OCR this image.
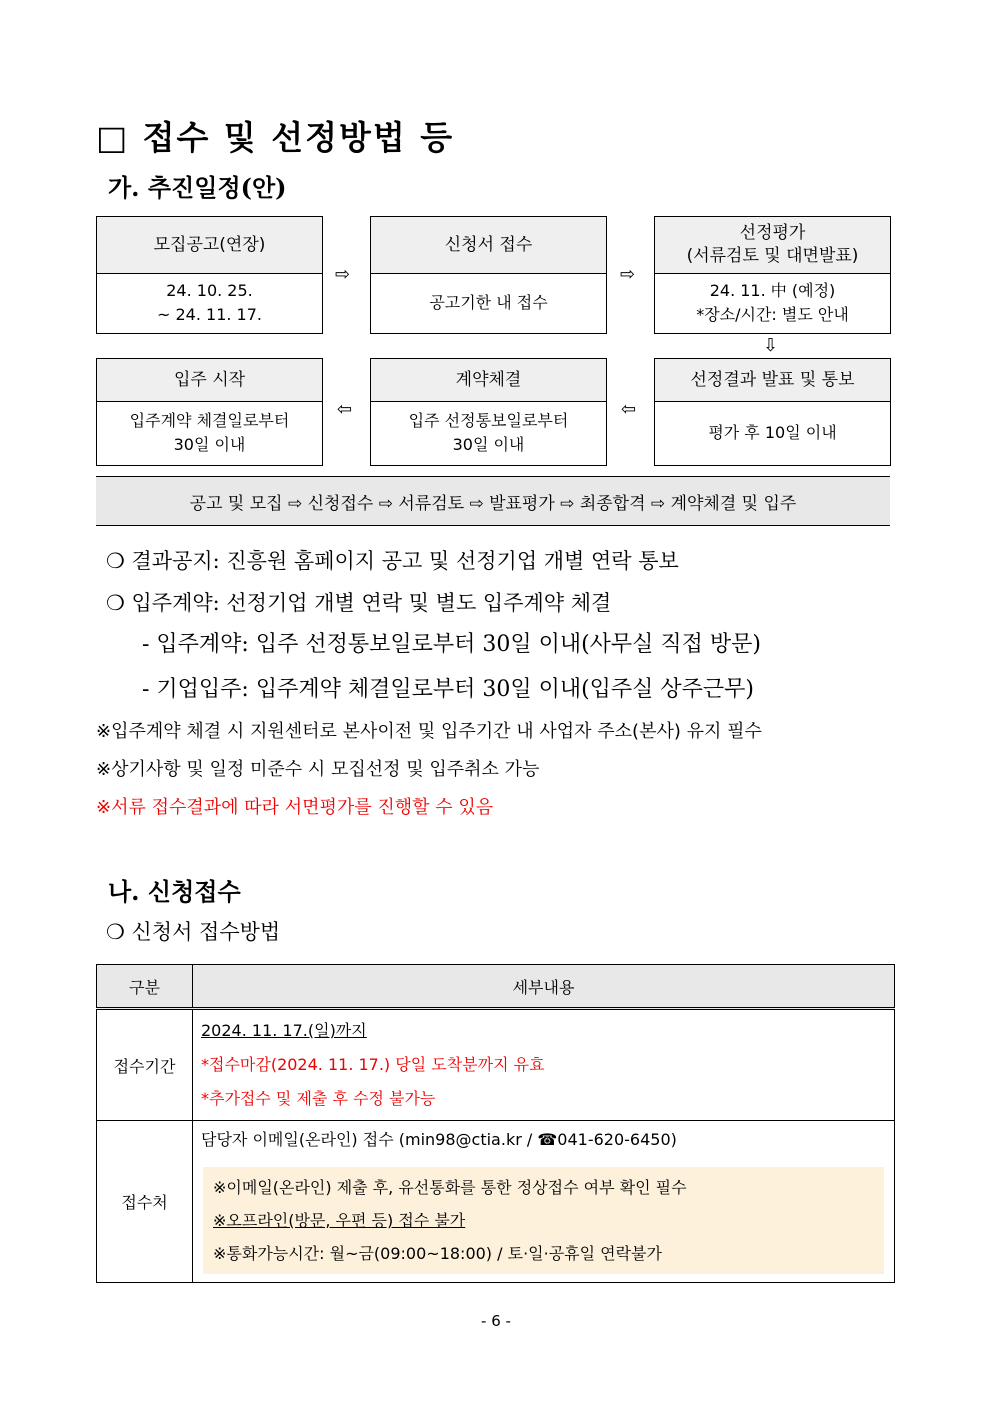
□ 접수 및 선정방법 등
가. 추진일정(안)
모집공고(연장)
24. 10. 25.
~ 24. 11. 17.
⇨
신청서 접수
공고기한 내 접수
⇨
선정평가
(서류검토 및 대면발표)
24. 11. 中 (예정)
*장소/시간: 별도 안내
⇩
입주 시작
입주계약 체결일로부터
30일 이내
⇦
계약체결
입주 선정통보일로부터
30일 이내
⇦
선정결과 발표 및 통보
평가 후 10일 이내
공고 및 모집 ⇨ 신청접수 ⇨ 서류검토 ⇨ 발표평가 ⇨ 최종합격 ⇨ 계약체결 및 입주
❍ 결과공지: 진흥원 홈페이지 공고 및 선정기업 개별 연락 통보
❍ 입주계약: 선정기업 개별 연락 및 별도 입주계약 체결
- 입주계약: 입주 선정통보일로부터 30일 이내(사무실 직접 방문)
- 기업입주: 입주계약 체결일로부터 30일 이내(입주실 상주근무)
※입주계약 체결 시 지원센터로 본사이전 및 입주기간 내 사업자 주소(본사) 유지 필수
※상기사항 및 일정 미준수 시 모집선정 및 입주취소 가능
※서류 접수결과에 따라 서면평가를 진행할 수 있음
나. 신청접수
❍ 신청서 접수방법
구분	세부내용
접수기간	2024. 11. 17.(일)까지
*접수마감(2024. 11. 17.) 당일 도착분까지 유효
*추가접수 및 제출 후 수정 불가능

접수처	담당자 이메일(온라인) 접수 (min98@ctia.kr / ☎041-620-6450)
※이메일(온라인) 제출 후, 유선통화를 통한 정상접수 여부 확인 필수
※오프라인(방문, 우편 등) 접수 불가
※통화가능시간: 월~금(09:00~18:00) / 토·일·공휴일 연락불가
- 6 -
